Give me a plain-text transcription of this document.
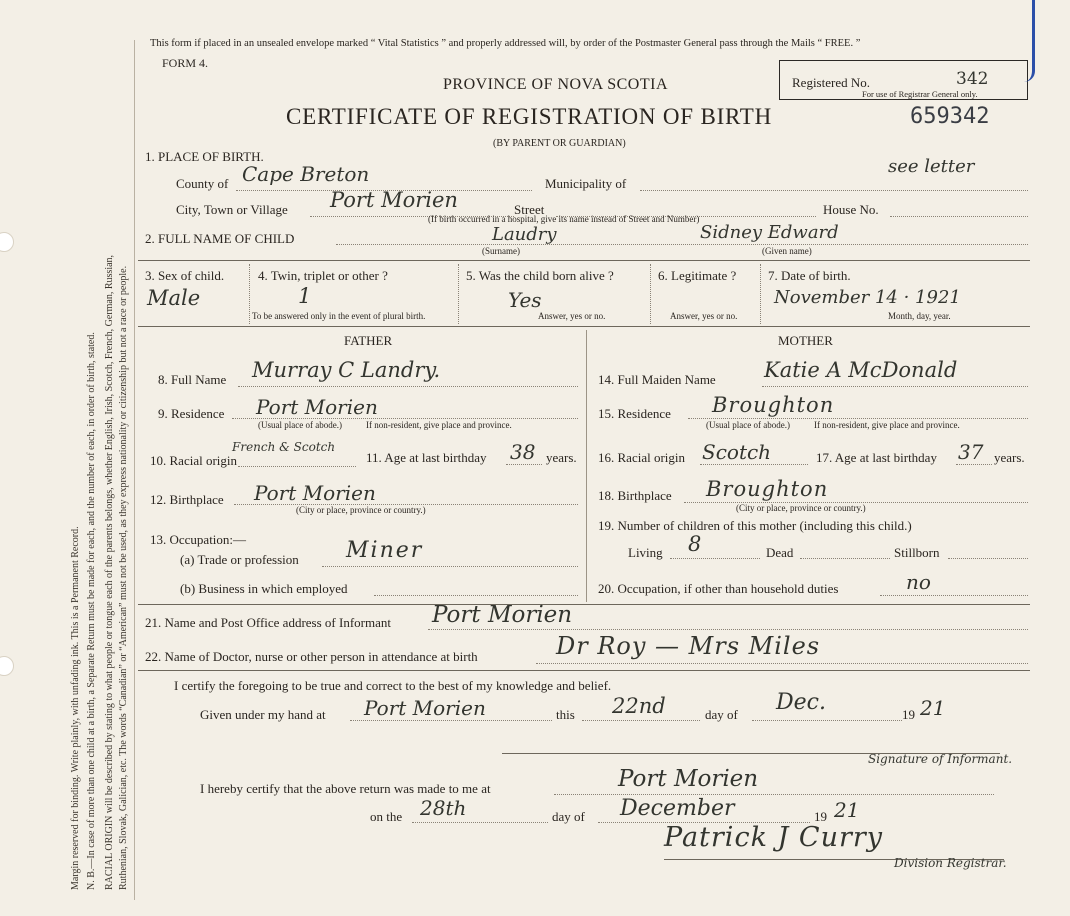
Margin reserved for binding. Write plainly, with unfading ink. This is a Permanent Record. N. B.—In case of more than one child at a birth, a Separate Return must be made for each, and the number of each, in order of birth, stated. RACIAL ORIGIN will be described by stating to what people or tongue each of the parents belongs, whether English, Irish, Scotch, French, German, Russian, Ruthenian, Slovak, Galician, etc. The words “Canadian” or “American” must not be used, as they express nationality or citizenship but not a race or people.
This form if placed in an unsealed envelope marked “ Vital Statistics ” and properly addressed will, by order of the Postmaster General pass through the Mails “ FREE. ”
FORM 4.
PROVINCE OF NOVA SCOTIA
CERTIFICATE OF REGISTRATION OF BIRTH
(BY PARENT OR GUARDIAN)
Registered No.	342
For use of Registrar General only.
659342
1. PLACE OF BIRTH.
County of Cape Breton	Municipality of
see letter
City, Town or Village Port Morien	Street	House No.
(If birth occurred in a hospital, give its name instead of Street and Number)
2. FULL NAME OF CHILD	Laudry
(Surname)
Sidney Edward
(Given name)
3. Sex of child.
Male
4. Twin, triplet or other ?
1
To be answered only in the event of plural birth.
5. Was the child born alive ?
Yes
Answer, yes or no.
6. Legitimate ?
Answer, yes or no.
7. Date of birth.
November 14 · 1921
Month, day, year.
FATHER	MOTHER
8. Full Name Murray C Landry.
9. Residence Port Morien
(Usual place of abode.)	If non-resident, give place and province.
10. Racial origin
French & Scotch
11. Age at last birthday 38 years.
12. Birthplace Port Morien
(City or place, province or country.)
13. Occupation:—
(a) Trade or profession Miner
(b) Business in which employed
14. Full Maiden Name Katie A McDonald
15. Residence Broughton
(Usual place of abode.)	If non-resident, give place and province.
16. Racial origin Scotch	17. Age at last birthday 37 years.
18. Birthplace Broughton
(City or place, province or country.)
19. Number of children of this mother (including this child.)
Living 8	Dead	Stillborn
20. Occupation, if other than household duties	no
21. Name and Post Office address of Informant Port Morien
22. Name of Doctor, nurse or other person in attendance at birth	Dr Roy — Mrs Miles
I certify the foregoing to be true and correct to the best of my knowledge and belief.
Given under my hand at Port Morien	this 22nd	day of Dec.	19 21
Signature of Informant.
I hereby certify that the above return was made to me at	Port Morien
on the 28th	day of December	19 21
Patrick J Curry
Division Registrar.
